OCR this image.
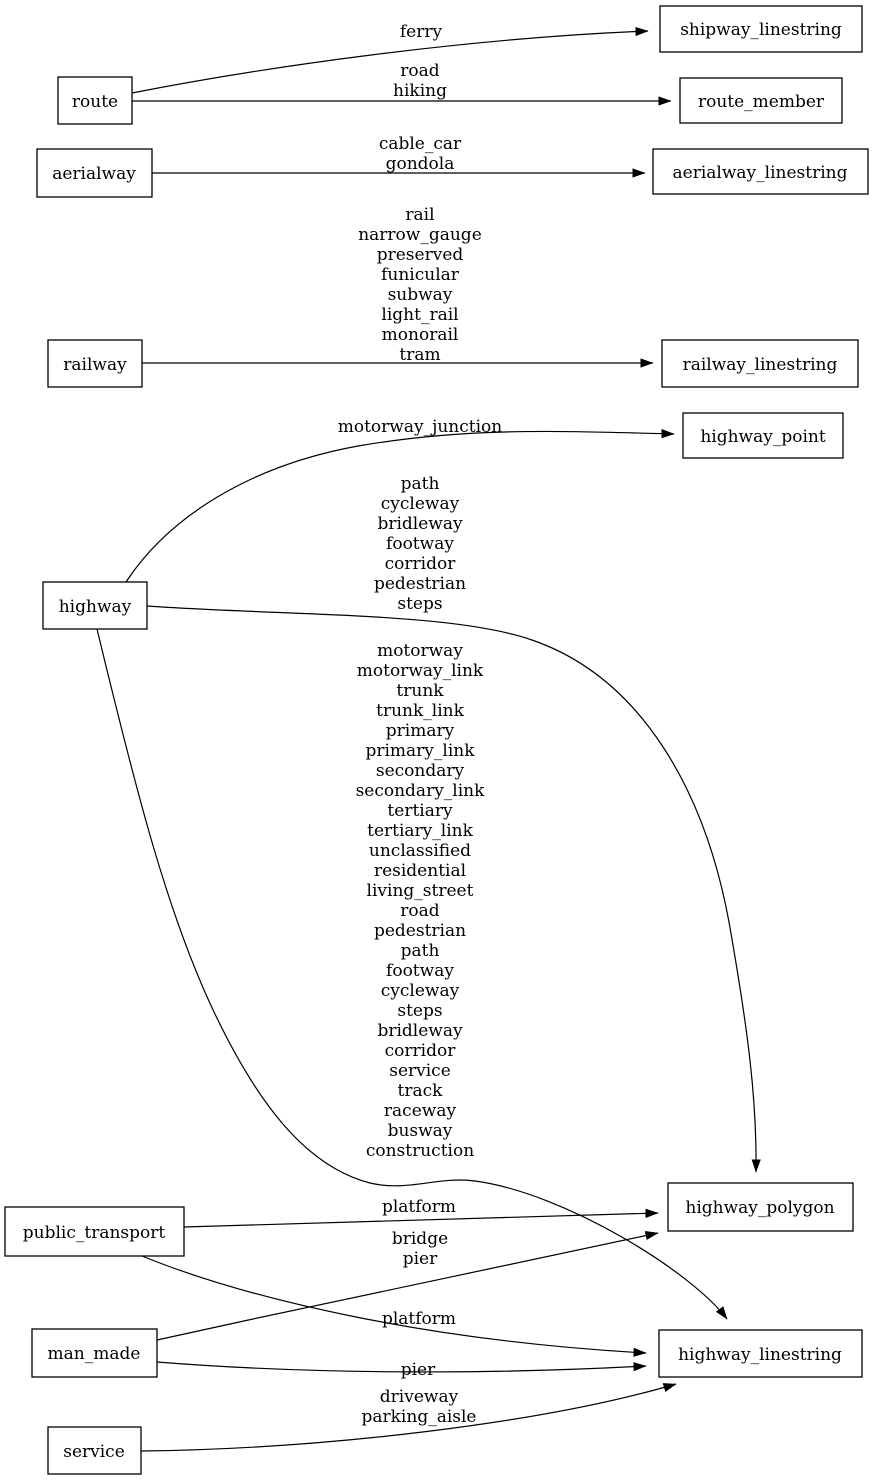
ferry
road
hiking
cable_car
gondola
rail
narrow_gauge
preserved
funicular
subway
light_rail
monorail
tram
motorway_junction
path
cycleway
bridleway
footway
corridor
pedestrian
steps
motorway
motorway_link
trunk
trunk_link
primary
primary_link
secondary
secondary_link
tertiary
tertiary_link
unclassified
residential
living_street
road
pedestrian
path
footway
cycleway
steps
bridleway
corridor
service
track
raceway
busway
construction
platform
bridge
pier
platform
pier
driveway
parking_aisle
route
aerialway
railway
highway
public_transport
man_made
service
shipway_linestring
route_member
aerialway_linestring
railway_linestring
highway_point
highway_polygon
highway_linestring
